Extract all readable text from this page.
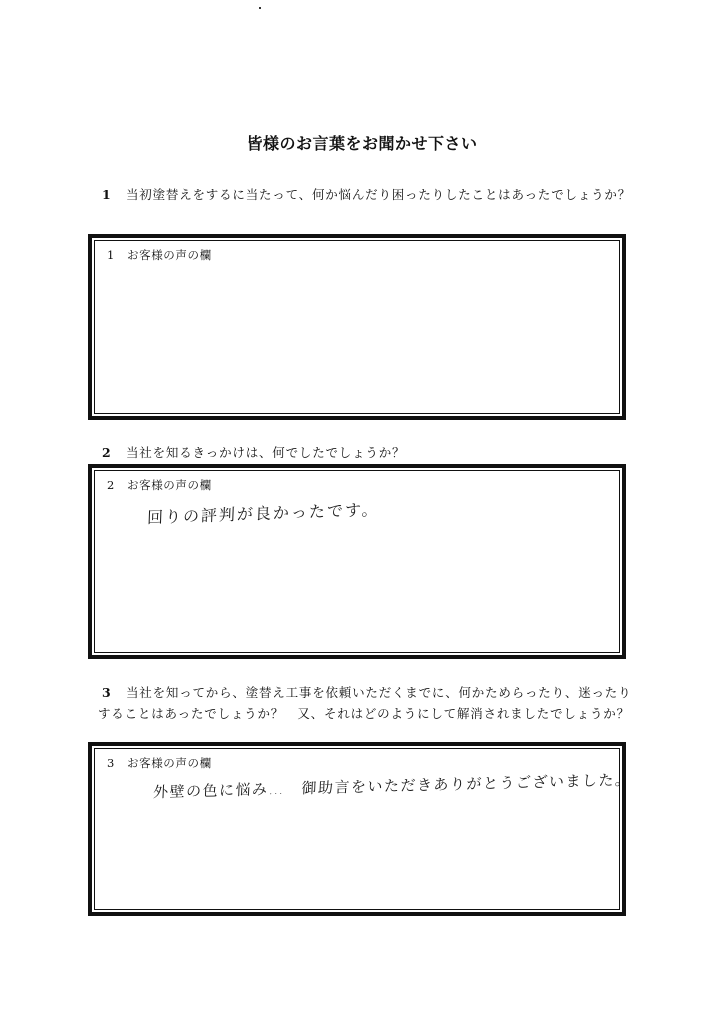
皆様のお言葉をお聞かせ下さい
1 当初塗替えをするに当たって、何か悩んだり困ったりしたことはあったでしょうか？
1 お客様の声の欄
2 当社を知るきっかけは、何でしたでしょうか？
2 お客様の声の欄
回りの評判が良かったです。
3 当社を知ってから、塗替え工事を依頼いただくまでに、何かためらったり、迷ったりすることはあったでしょうか？　又、それはどのようにして解消されましたでしょうか？
3 お客様の声の欄
外壁の色に悩み…　御助言をいただきありがとうございました。
